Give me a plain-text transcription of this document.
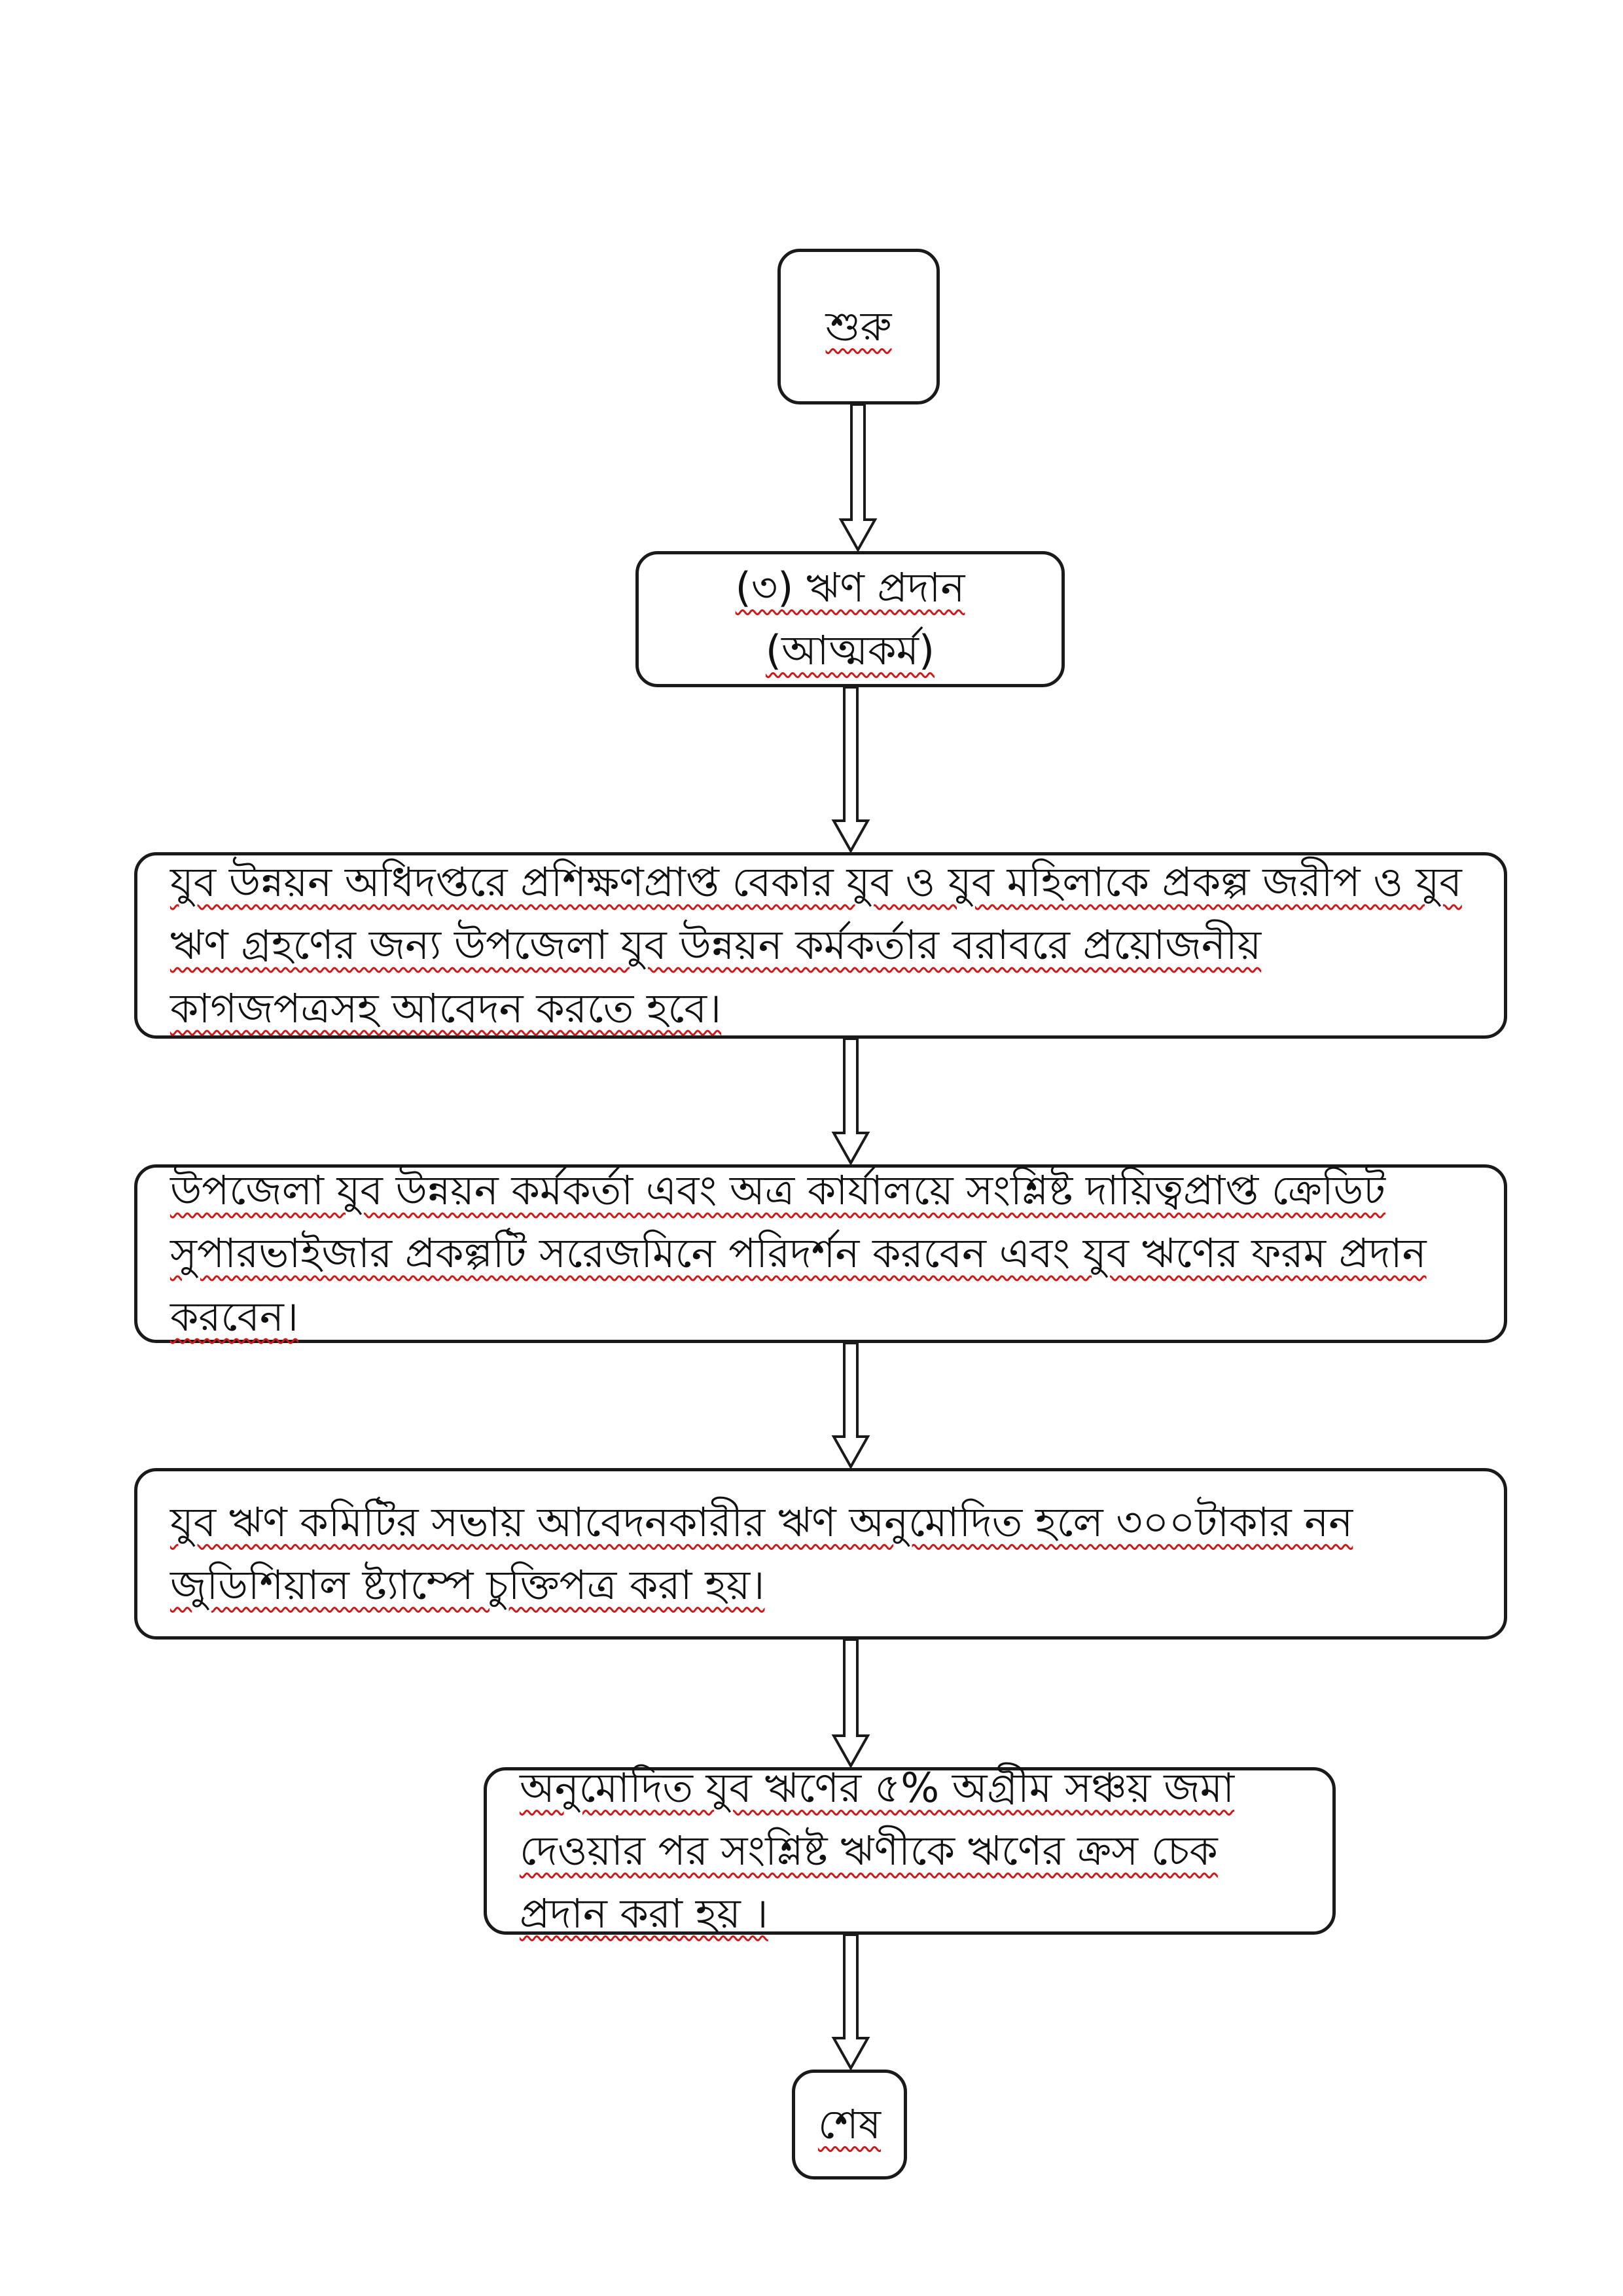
শুরু
(৩) ঋণ প্রদান (আত্মকর্ম)
যুব উন্নয়ন অধিদপ্তরে প্রশিক্ষণপ্রাপ্ত বেকার যুব ও যুব মহিলাকে প্রকল্প জরীপ ও যুব ঋণ গ্রহণের জন্য উপজেলা যুব উন্নয়ন কর্মকর্তার বরাবরে প্রয়োজনীয় কাগজপত্রসহ আবেদন করতে হবে।
উপজেলা যুব উন্নয়ন কর্মকর্তা এবং অত্র কার্যালয়ে সংশ্লিষ্ট দায়িত্বপ্রাপ্ত ক্রেডিট সুপারভাইজার প্রকল্পটি সরেজমিনে পরিদর্শন করবেন এবং যুব ঋণের ফরম প্রদান করবেন।
যুব ঋণ কমিটির সভায় আবেদনকারীর ঋণ অনুমোদিত হলে ৩০০টাকার নন জুডিশিয়াল ষ্ট্যাম্পে চুক্তিপত্র করা হয়।
অনুমোদিত যুব ঋণের ৫% অগ্রীম সঞ্চয় জমা দেওয়ার পর সংশ্লিষ্ট ঋণীকে ঋণের ক্রস চেক প্রদান করা হয় ।
শেষ
